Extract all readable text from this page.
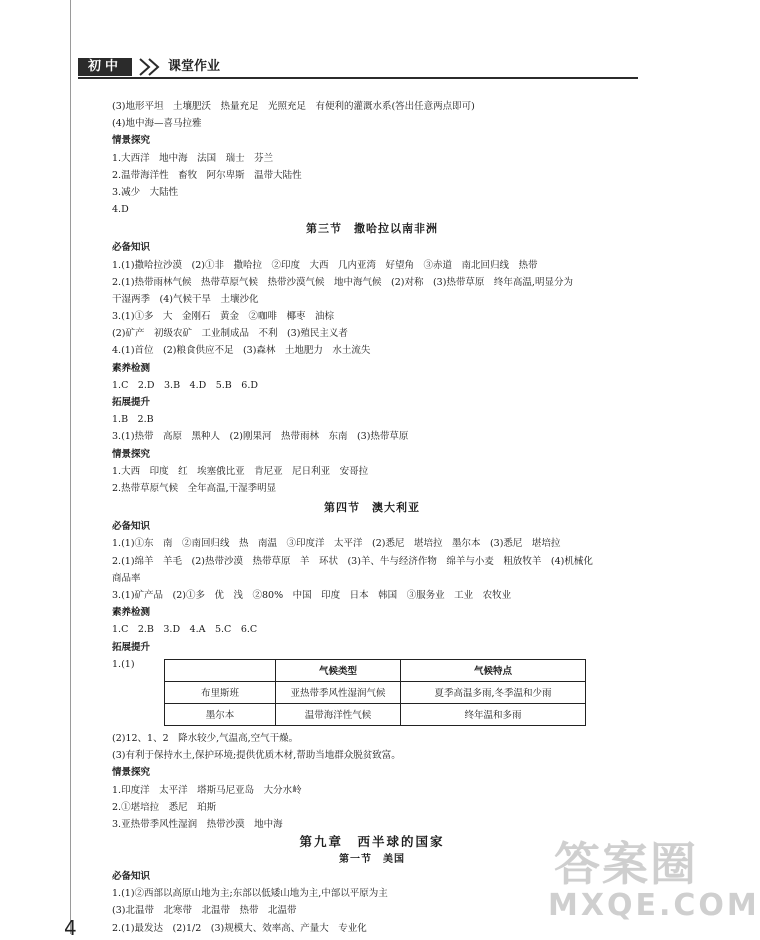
初中	课堂作业
(3)地形平坦　土壤肥沃　热量充足　光照充足　有便利的灌溉水系(答出任意两点即可)
(4)地中海—喜马拉雅
情景探究
1.大西洋　地中海　法国　瑞士　芬兰
2.温带海洋性　畜牧　阿尔卑斯　温带大陆性
3.减少　大陆性
4.D
第三节　撒哈拉以南非洲
必备知识
1.(1)撒哈拉沙漠　(2)①非　撒哈拉　②印度　大西　几内亚湾　好望角　③赤道　南北回归线　热带
2.(1)热带雨林气候　热带草原气候　热带沙漠气候　地中海气候　(2)对称　(3)热带草原　终年高温,明显分为
干湿两季　(4)气候干旱　土壤沙化
3.(1)①多　大　金刚石　黄金　②咖啡　椰枣　油棕
(2)矿产　初级农矿　工业制成品　不利　(3)殖民主义者
4.(1)首位　(2)粮食供应不足　(3)森林　土地肥力　水土流失
素养检测
1.C　2.D　3.B　4.D　5.B　6.D
拓展提升
1.B　2.B
3.(1)热带　高原　黑种人　(2)刚果河　热带雨林　东南　(3)热带草原
情景探究
1.大西　印度　红　埃塞俄比亚　肯尼亚　尼日利亚　安哥拉
2.热带草原气候　全年高温,干湿季明显
第四节　澳大利亚
必备知识
1.(1)①东　南　②南回归线　热　南温　③印度洋　太平洋　(2)悉尼　堪培拉　墨尔本　(3)悉尼　堪培拉
2.(1)绵羊　羊毛　(2)热带沙漠　热带草原　羊　环状　(3)羊、牛与经济作物　绵羊与小麦　粗放牧羊　(4)机械化
商品率
3.(1)矿产品　(2)①多　优　浅　②80%　中国　印度　日本　韩国　③服务业　工业　农牧业
素养检测
1.C　2.B　3.D　4.A　5.C　6.C
拓展提升
1.(1)
	气候类型	气候特点
布里斯班	亚热带季风性湿润气候	夏季高温多雨,冬季温和少雨
墨尔本	温带海洋性气候	终年温和多雨
(2)12、1、2　降水较少,气温高,空气干燥。
(3)有利于保持水土,保护环境;提供优质木材,帮助当地群众脱贫致富。
情景探究
1.印度洋　太平洋　塔斯马尼亚岛　大分水岭
2.①堪培拉　悉尼　珀斯
3.亚热带季风性湿润　热带沙漠　地中海
第九章　西半球的国家
第一节　美国
必备知识
1.(1)②西部以高原山地为主;东部以低矮山地为主,中部以平原为主
(3)北温带　北寒带　北温带　热带　北温带
2.(1)最发达　(2)1/2　(3)规模大、效率高、产量大　专业化
4
答案圈
MXQE.COM
